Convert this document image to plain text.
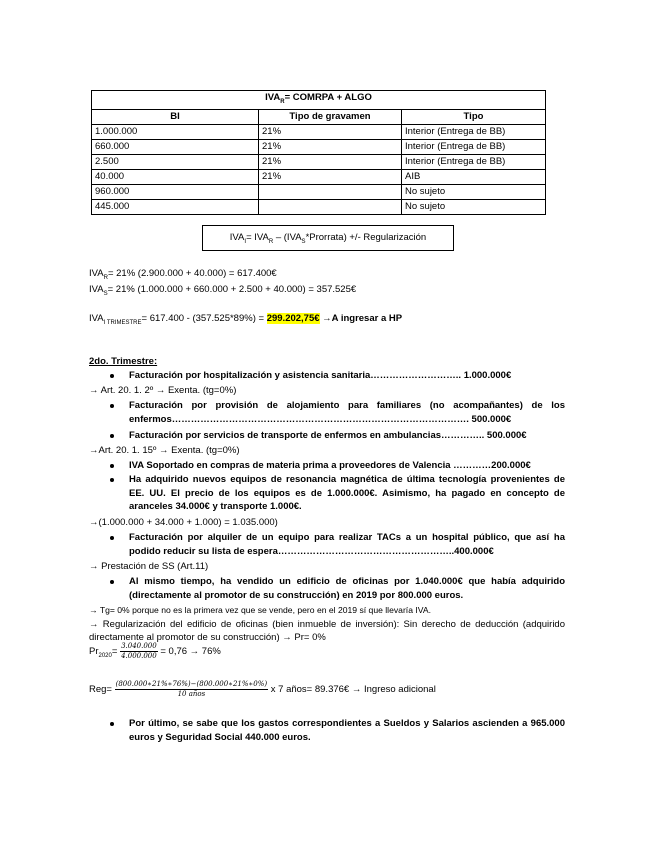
$IVA_R=$ COMRPA + ALGO		
BI	Tipo de gravamen	Tipo
1.000.000	21%	Interior (Entrega de BB)
660.000	21%	Interior (Entrega de BB)
2.500	21%	Interior (Entrega de BB)
40.000	21%	AIB
960.000		No sujeto
445.000		No sujeto
$IVA_I= IVA_R$ – $(IVA_S*Prorrata)$ +/- Regularización
$IVA_R= 21\%$ (2.900.000 + 40.000) = 617.400€
$IVA_S= 21\%$ (1.000.000 + 660.000 + 2.500 + 40.000) = 357.525€
$IVA_{I TRIMESTRE}= 617.400 - (357.525*89\%)$ = 299.202,75€ →A ingresar a HP
2do. Trimestre:
Facturación por hospitalización y asistencia sanitaria……………………….. 1.000.000€
→ Art. 20. 1. 2º → Exenta. (tg=0%)
Facturación por provisión de alojamiento para familiares (no acompañantes) de los enfermos…………………………………………………………………………………. 500.000€
Facturación por servicios de transporte de enfermos en ambulancias………….. 500.000€
→Art. 20. 1. 15º → Exenta. (tg=0%)
IVA Soportado en compras de materia prima a proveedores de Valencia …………200.000€
Ha adquirido nuevos equipos de resonancia magnética de última tecnología provenientes de EE. UU. El precio de los equipos es de 1.000.000€. Asimismo, ha pagado en concepto de aranceles 34.000€ y transporte 1.000€.
→(1.000.000 + 34.000 + 1.000) = 1.035.000)
Facturación por alquiler de un equipo para realizar TACs a un hospital público, que así ha podido reducir su lista de espera………………………………………………..400.000€
→ Prestación de SS (Art.11)
Al mismo tiempo, ha vendido un edificio de oficinas por 1.040.000€ que había adquirido (directamente al promotor de su construcción) en 2019 por 800.000 euros.
→ Tg= 0% porque no es la primera vez que se vende, pero en el 2019 sí que llevaría IVA.
→ Regularización del edificio de oficinas (bien inmueble de inversión): Sin derecho de deducción (adquirido directamente al promotor de su construcción) → Pr= 0%
$Pr_{2020}= \frac{3.040.000}{4.000.000} = 0,76 \to 76\%$
$Reg= \frac{(800.000∗21\%∗76\%)-(800.000∗21\%∗0\%)}{\text{10 años}}$ x 7 años= 89.376€ → Ingreso adicional
Por último, se sabe que los gastos correspondientes a Sueldos y Salarios ascienden a 965.000 euros y Seguridad Social 440.000 euros.
